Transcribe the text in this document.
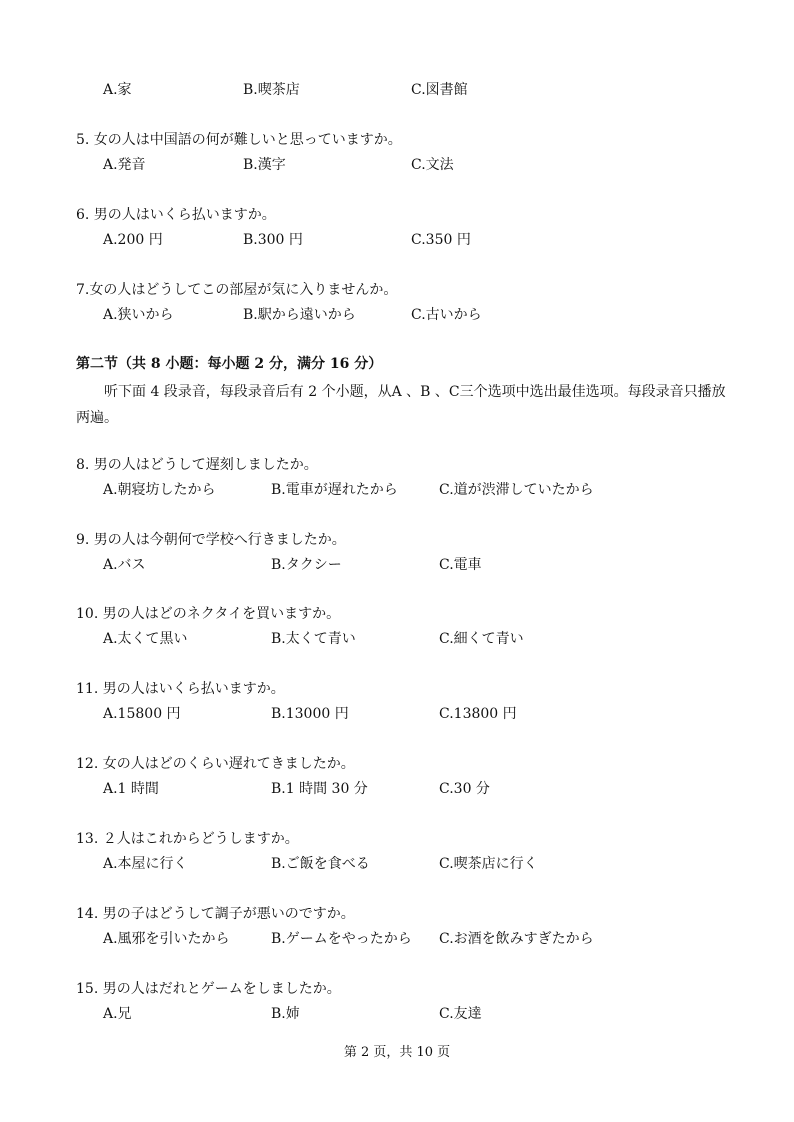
A.家	B.喫茶店	C.図書館
5. 女の人は中国語の何が難しいと思っていますか。
A.発音	B.漢字	C.文法
6. 男の人はいくら払いますか。
A.200 円	B.300 円	C.350 円
7.女の人はどうしてこの部屋が気に入りませんか。
A.狭いから	B.駅から遠いから	C.古いから
第二节（共 8 小题：每小题 2 分，满分 16 分）
听下面 4 段录音，每段录音后有 2 个小题，从A 、B 、C三个选项中选出最佳选项。每段录音只播放两遍。
8. 男の人はどうして遅刻しましたか。
A.朝寝坊したから	B.電車が遅れたから	C.道が渋滞していたから
9. 男の人は今朝何で学校へ行きましたか。
A.バス	B.タクシー	C.電車
10. 男の人はどのネクタイを買いますか。
A.太くて黒い	B.太くて青い	C.細くて青い
11. 男の人はいくら払いますか。
A.15800 円	B.13000 円	C.13800 円
12. 女の人はどのくらい遅れてきましたか。
A.1 時間	B.1 時間 30 分	C.30 分
13. ２人はこれからどうしますか。
A.本屋に行く	B.ご飯を食べる	C.喫茶店に行く
14. 男の子はどうして調子が悪いのですか。
A.風邪を引いたから	B.ゲームをやったから C.お酒を飲みすぎたから
15. 男の人はだれとゲームをしましたか。
A.兄	B.姉	C.友達
第 2 页，共 10 页
